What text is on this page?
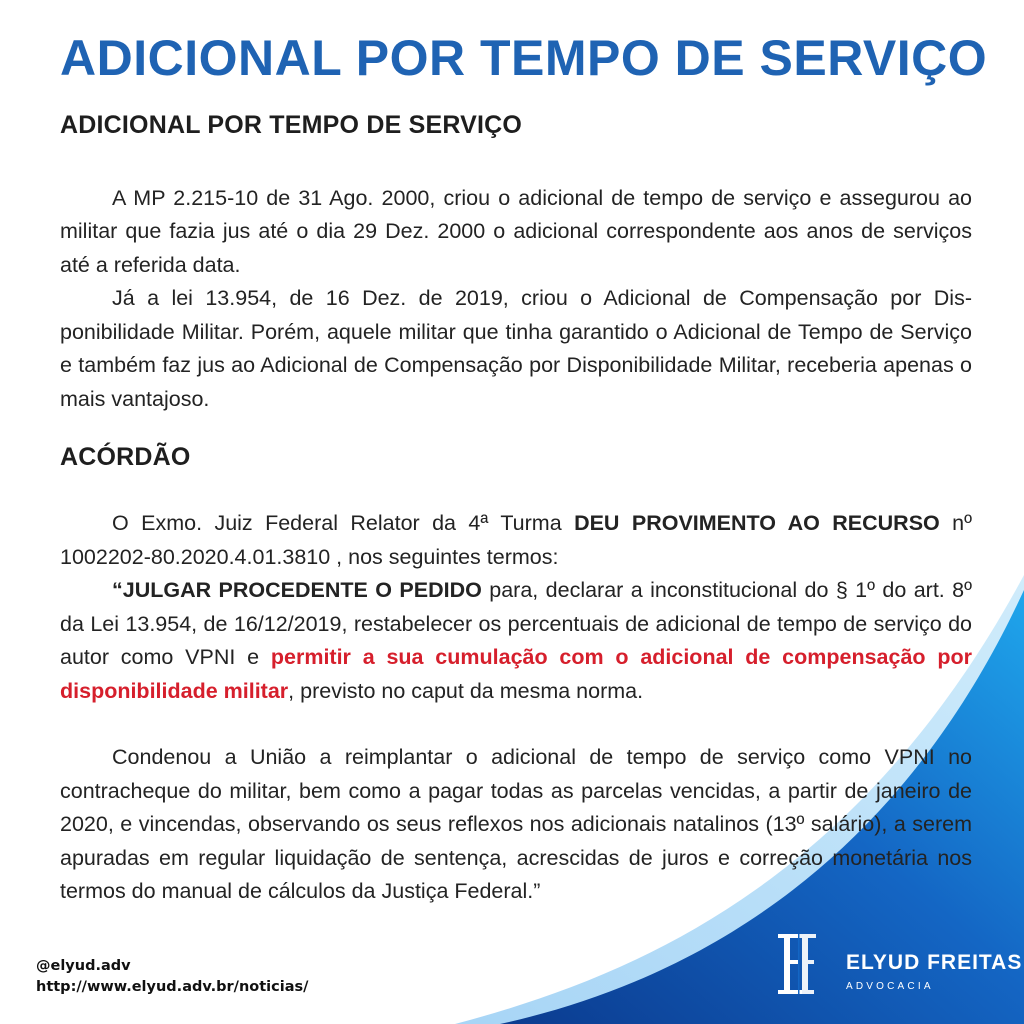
ADICIONAL POR TEMPO DE SERVIÇO
ADICIONAL POR TEMPO DE SERVIÇO

A MP 2.215-10 de 31 Ago. 2000, criou o adicional de tempo de serviço e assegurou ao militar que fazia jus até o dia 29 Dez. 2000 o adicional correspondente aos anos de serviços até a referida data.

Já a lei 13.954, de 16 Dez. de 2019, criou o Adicional de Compensação por Disponibilidade Militar. Porém, aquele militar que tinha garantido o Adicional de Tempo de Serviço e também faz jus ao Adicional de Compensação por Disponibilidade Militar, receberia apenas o mais vantajoso.

ACÓRDÃO

O Exmo. Juiz Federal Relator da 4ª Turma DEU PROVIMENTO AO RECURSO nº 1002202-80.2020.4.01.3810 , nos seguintes termos:

“JULGAR PROCEDENTE O PEDIDO para, declarar a inconstitucional do § 1º do art. 8º da Lei 13.954, de 16/12/2019, restabelecer os percentuais de adicional de tempo de serviço do autor como VPNI e permitir a sua cumulação com o adicional de compensação por disponibilidade militar, previsto no caput da mesma norma.

Condenou a União a reimplantar o adicional de tempo de serviço como VPNI no contracheque do militar, bem como a pagar todas as parcelas vencidas, a partir de janeiro de 2020, e vincendas, observando os seus reflexos nos adicionais natalinos (13º salário), a serem apuradas em regular liquidação de sentença, acrescidas de juros e correção monetária nos termos do manual de cálculos da Justiça Federal.”

@elyud.adv
http://www.elyud.adv.br/noticias/
ELYUD FREITAS
ADVOCACIA
